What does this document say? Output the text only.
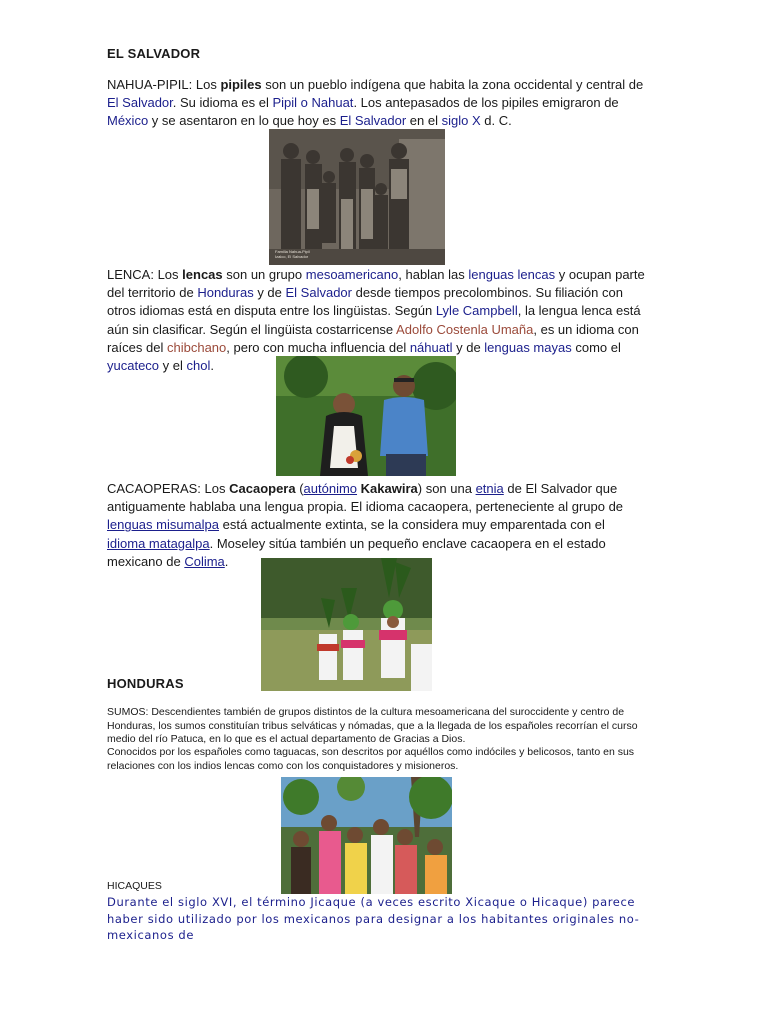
EL SALVADOR
NAHUA-PIPIL: Los pipiles son un pueblo indígena que habita la zona occidental y central de El Salvador. Su idioma es el Pipil o Nahuat. Los antepasados de los pipiles emigraron de México y se asentaron en lo que hoy es El Salvador en el siglo X d. C.
Familia Nahua-Pipil
Izalco, El Salvador
LENCA: Los lencas son un grupo mesoamericano, hablan las lenguas lencas y ocupan parte del territorio de Honduras y de El Salvador desde tiempos precolombinos. Su filiación con otros idiomas está en disputa entre los lingüistas. Según Lyle Campbell, la lengua lenca está aún sin clasificar. Según el lingüista costarricense Adolfo Costenla Umaña, es un idioma con raíces del chibchano, pero con mucha influencia del náhuatl y de lenguas mayas como el yucateco y el chol.
CACAOPERAS: Los Cacaopera (autónimo Kakawira) son una etnia de El Salvador que antiguamente hablaba una lengua propia. El idioma cacaopera, perteneciente al grupo de lenguas misumalpa está actualmente extinta, se la considera muy emparentada con el idioma matagalpa. Moseley sitúa también un pequeño enclave cacaopera en el estado mexicano de Colima.
HONDURAS
SUMOS: Descendientes también de grupos distintos de la cultura mesoamericana del suroccidente y centro de Honduras, los sumos constituían tribus selváticas y nómadas, que a la llegada de los españoles recorrían el curso medio del río Patuca, en lo que es el actual departamento de Gracias a Dios.
Conocidos por los españoles como taguacas, son descritos por aquéllos como indóciles y belicosos, tanto en sus relaciones con los indios lencas como con los conquistadores y misioneros.
HICAQUES
Durante el siglo XVI, el término Jicaque (a veces escrito Xicaque o Hicaque) parece haber sido utilizado por los mexicanos para designar a los habitantes originales no-mexicanos de
